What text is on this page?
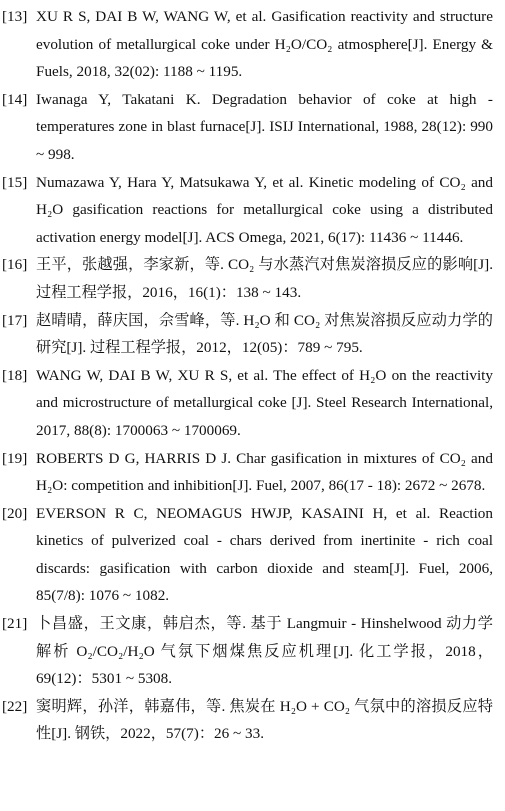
[13] XU R S, DAI B W, WANG W, et al. Gasification reactivity and structure evolution of metallurgical coke under H₂O/CO₂ atmosphere[J]. Energy & Fuels, 2018, 32(02): 1188 ~ 1195.

[14] Iwanaga Y, Takatani K. Degradation behavior of coke at high - temperatures zone in blast furnace[J]. ISIJ International, 1988, 28(12): 990 ~ 998.

[15] Numazawa Y, Hara Y, Matsukawa Y, et al. Kinetic modeling of CO₂ and H₂O gasification reactions for metallurgical coke using a distributed activation energy model[J]. ACS Omega, 2021, 6(17): 11436 ~ 11446.

[16] 王平，张越强，李家新，等. CO₂ 与水蒸汽对焦炭溶损反应的影响[J]. 过程工程学报，2016，16(1)：138 ~ 143.

[17] 赵晴晴，薛庆国，佘雪峰，等. H₂O 和 CO₂ 对焦炭溶损反应动力学的研究[J]. 过程工程学报，2012，12(05)：789 ~ 795.

[18] WANG W, DAI B W, XU R S, et al. The effect of H₂O on the reactivity and microstructure of metallurgical coke [J]. Steel Research International, 2017, 88(8): 1700063 ~ 1700069.

[19] ROBERTS D G, HARRIS D J. Char gasification in mixtures of CO₂ and H₂O: competition and inhibition[J]. Fuel, 2007, 86(17 - 18): 2672 ~ 2678.

[20] EVERSON R C, NEOMAGUS HWJP, KASAINI H, et al. Reaction kinetics of pulverized coal - chars derived from inertinite - rich coal discards: gasification with carbon dioxide and steam[J]. Fuel, 2006, 85(7/8): 1076 ~ 1082.

[21] 卜昌盛，王文康，韩启杰，等. 基于 Langmuir - Hinshelwood 动力学解析 O₂/CO₂/H₂O 气氛下烟煤焦反应机理[J]. 化工学报，2018，69(12)：5301 ~ 5308.

[22] 窦明辉，孙洋，韩嘉伟，等. 焦炭在 H₂O + CO₂ 气氛中的溶损反应特性[J]. 钢铁，2022，57(7)：26 ~ 33.
